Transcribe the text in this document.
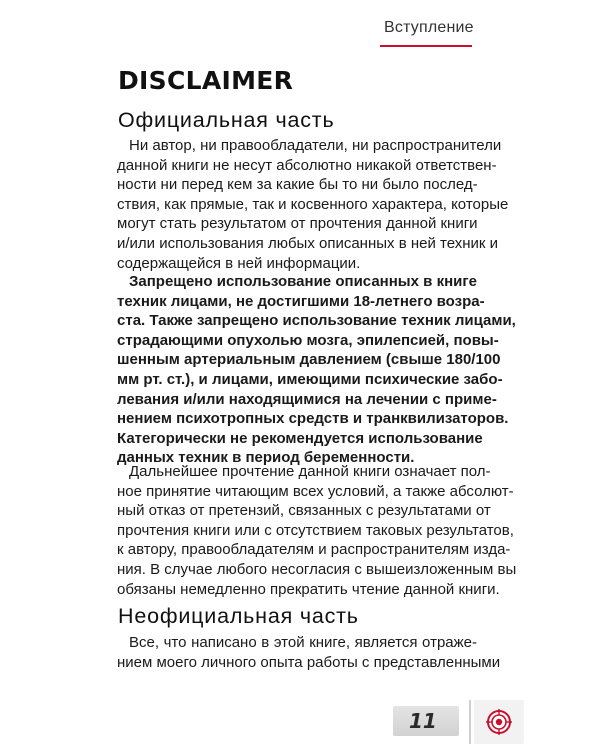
Вступление
DISCLAIMER
Официальная часть
Ни автор, ни правообладатели, ни распространители
данной книги не несут абсолютно никакой ответствен-
ности ни перед кем за какие бы то ни было послед-
ствия, как прямые, так и косвенного характера, которые
могут стать результатом от прочтения данной книги
и/или использования любых описанных в ней техник и
содержащейся в ней информации.
Запрещено использование описанных в книге
техник лицами, не достигшими 18-летнего возра-
ста. Также запрещено использование техник лицами,
страдающими опухолью мозга, эпилепсией, повы-
шенным артериальным давлением (свыше 180/100
мм рт. ст.), и лицами, имеющими психические забо-
левания и/или находящимися на лечении с приме-
нением психотропных средств и транквилизаторов.
Категорически не рекомендуется использование
данных техник в период беременности.
Дальнейшее прочтение данной книги означает пол-
ное принятие читающим всех условий, а также абсолют-
ный отказ от претензий, связанных с результатами от
прочтения книги или с отсутствием таковых результатов,
к автору, правообладателям и распространителям изда-
ния. В случае любого несогласия с вышеизложенным вы
обязаны немедленно прекратить чтение данной книги.
Неофициальная часть
Все, что написано в этой книге, является отраже-
нием моего личного опыта работы с представленными
11
